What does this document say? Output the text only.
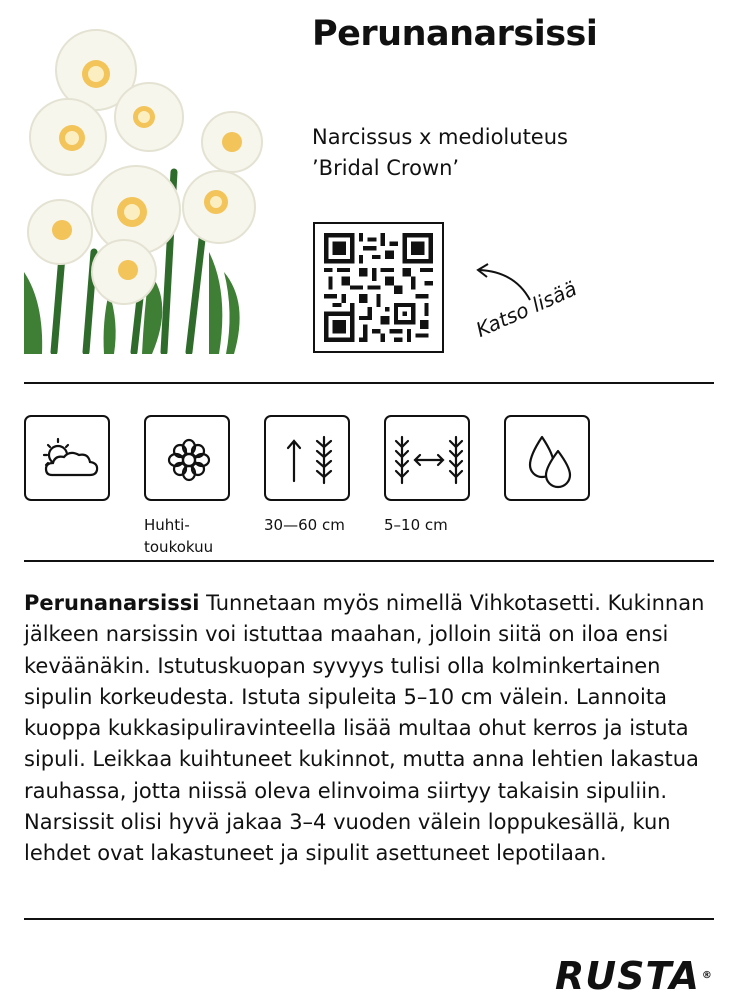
Perunanarsissi
Narcissus x medioluteus
’Bridal Crown’
Katso lisää
Huhti-
toukokuu
30—60 cm	5–10 cm

Perunanarsissi Tunnetaan myös nimellä Vihkotasetti. Kukinnan jälkeen narsissin voi istuttaa maahan, jolloin siitä on iloa ensi keväänäkin. Istutuskuopan syvyys tulisi olla kolminkertainen sipulin korkeudesta. Istuta sipuleita 5–10 cm välein. Lannoita kuoppa kukkasipuliravinteella lisää multaa ohut kerros ja istuta sipuli. Leikkaa kuihtuneet kukinnot, mutta anna lehtien lakastua rauhassa, jotta niissä oleva elinvoima siirtyy takaisin sipuliin. Narsissit olisi hyvä jakaa 3–4 vuoden välein loppukesällä, kun lehdet ovat lakastuneet ja sipulit asettuneet lepotilaan.

RUSTA ®
